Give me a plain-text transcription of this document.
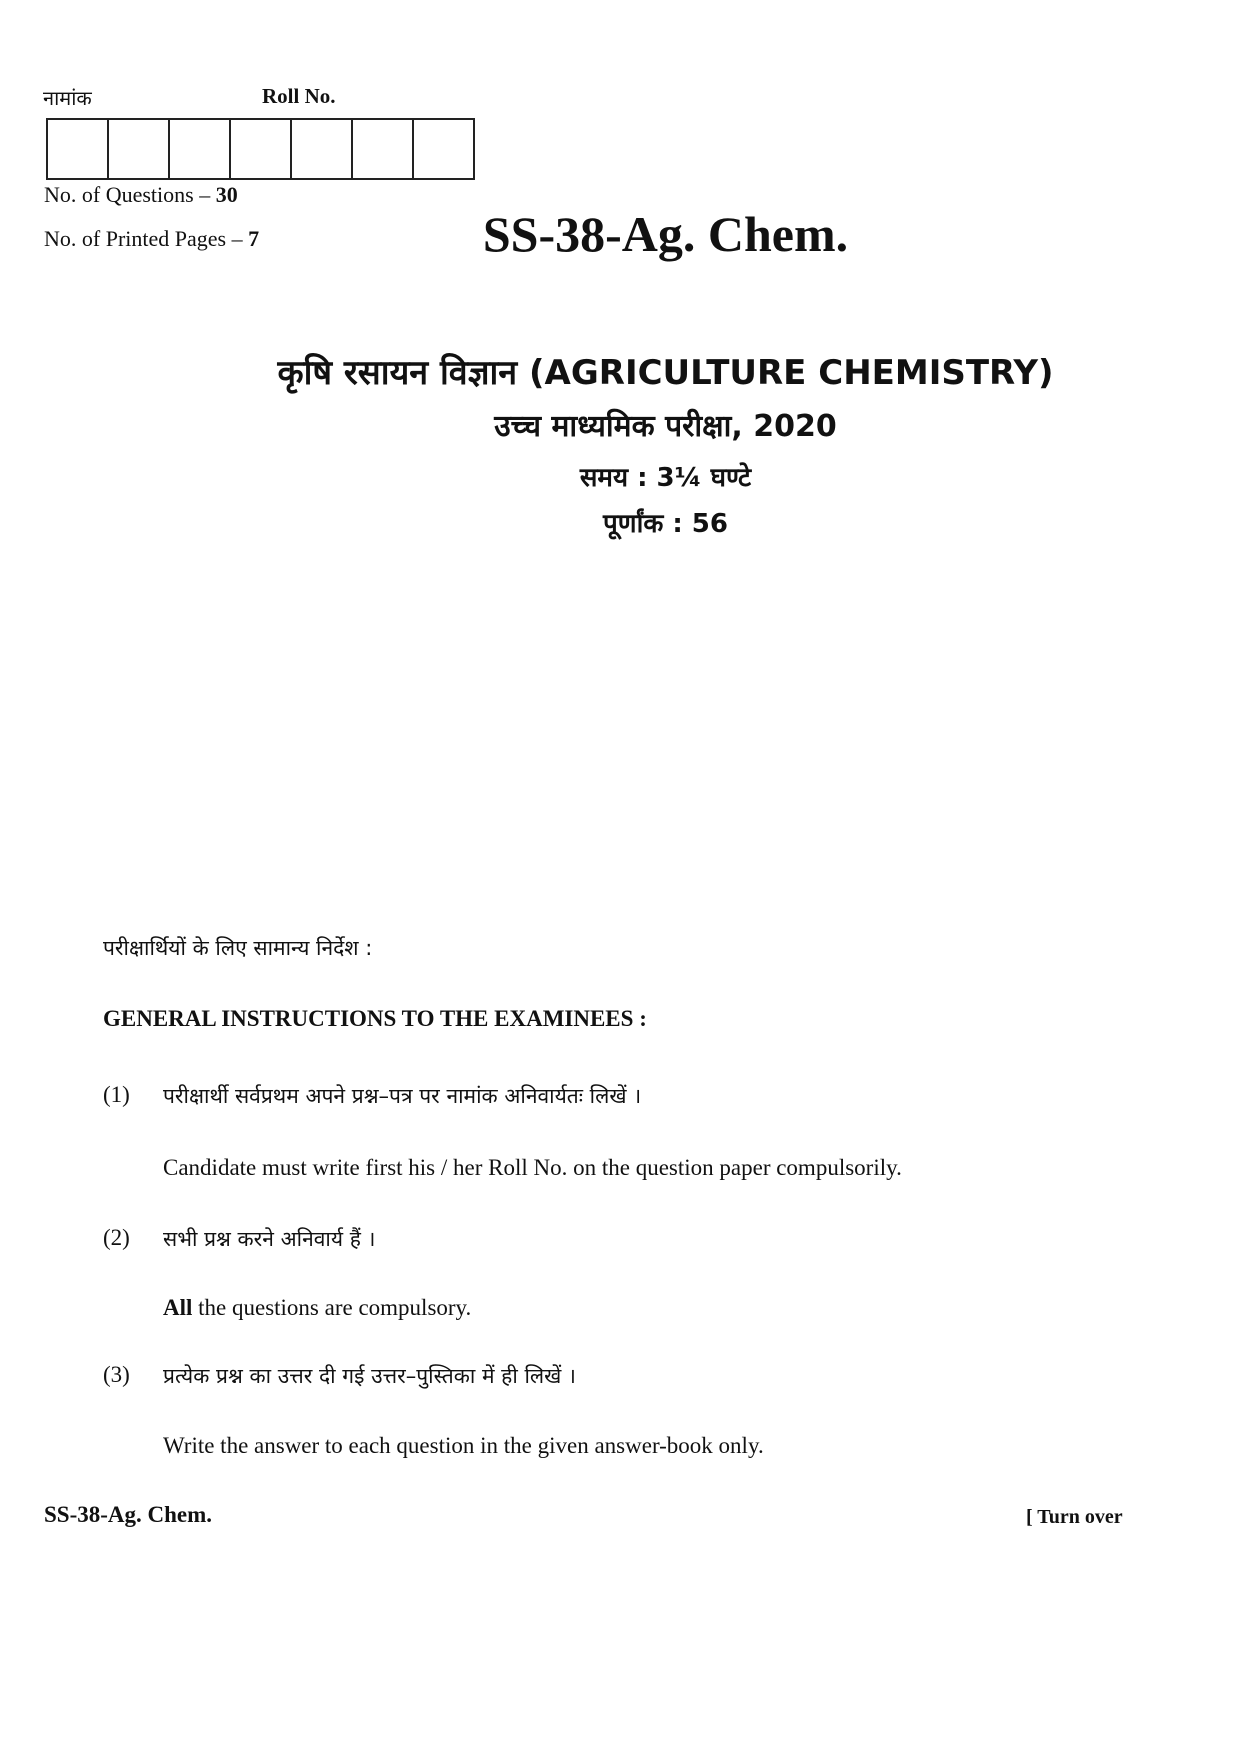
नामांक	Roll No.
No. of Questions – 30
No. of Printed Pages – 7	SS-38-Ag. Chem.
कृषि रसायन विज्ञान (AGRICULTURE CHEMISTRY)
उच्च माध्यमिक परीक्षा, 2020
समय : 3¼ घण्टे
पूर्णांक : 56
परीक्षार्थियों के लिए सामान्य निर्देश :
GENERAL INSTRUCTIONS TO THE EXAMINEES :
(1) परीक्षार्थी सर्वप्रथम अपने प्रश्न–पत्र पर नामांक अनिवार्यतः लिखें ।
Candidate must write first his / her Roll No. on the question paper compulsorily.
(2) सभी प्रश्न करने अनिवार्य हैं ।
All the questions are compulsory.
(3) प्रत्येक प्रश्न का उत्तर दी गई उत्तर–पुस्तिका में ही लिखें ।
Write the answer to each question in the given answer-book only.
SS-38-Ag. Chem.	[ Turn over
